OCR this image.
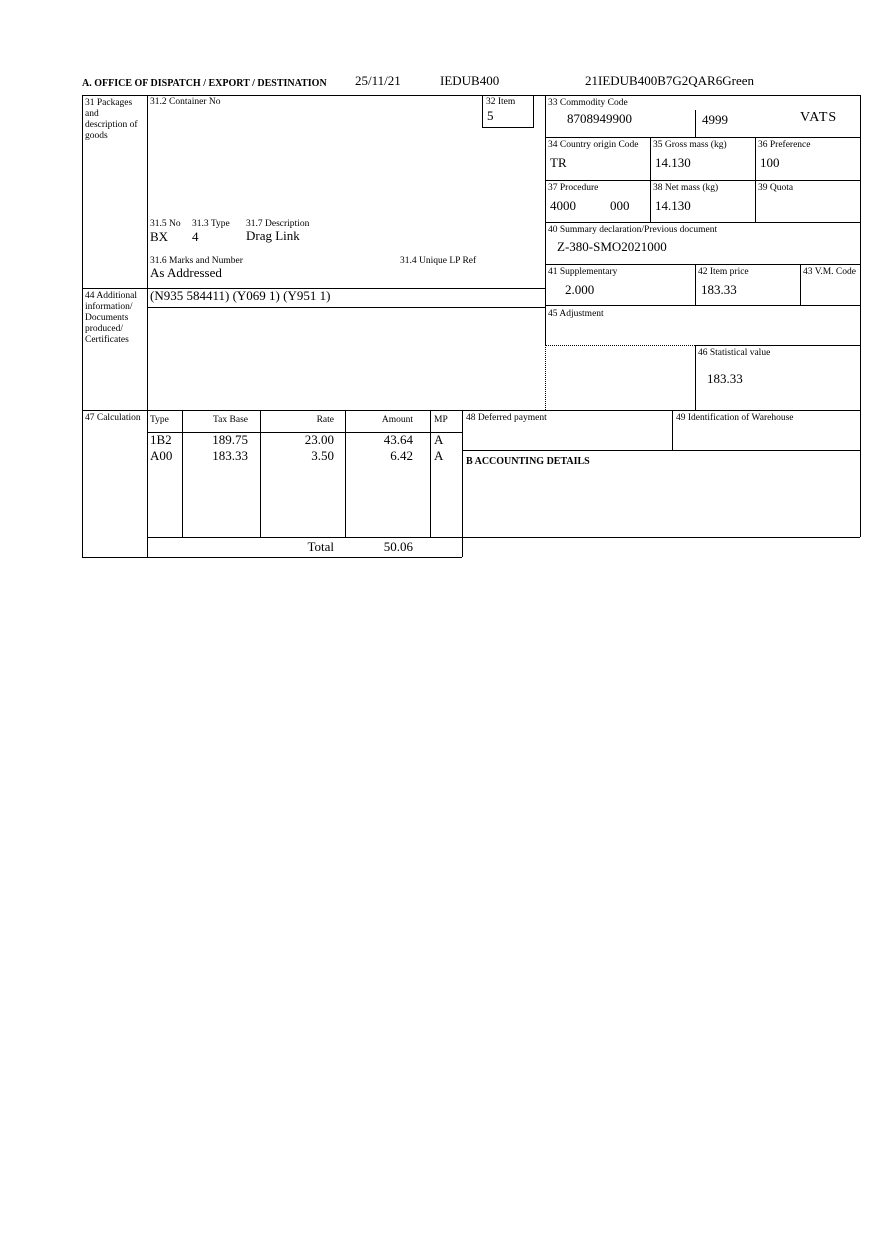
A. OFFICE OF DISPATCH / EXPORT / DESTINATION 25/11/21	IEDUB400	21IEDUB400B7G2QAR6Green
31 Packages and description of goods
31.2 Container No	32 Item
5
33 Commodity Code
8708949900	4999	VATS
34 Country origin Code
TR
35 Gross mass (kg)
14.130
36 Preference
100
37 Procedure
4000	000
38 Net mass (kg)
14.130
39 Quota
40 Summary declaration/Previous document
Z-380-SMO2021000
31.5 No 31.3 Type 31.7 Description
BX 4	Drag Link
31.6 Marks and Number	31.4 Unique LP Ref
As Addressed	41 Supplementary
2.000
42 Item price
183.33
43 V.M. Code
44 Additional information/ Documents produced/ Certificates
(N935 584411) (Y069 1) (Y951 1)
45 Adjustment
46 Statistical value
183.33
47 Calculation Type	Tax Base	Rate	Amount MP
1B2	189.75	23.00	43.64 A
A00	183.33	3.50	6.42 A
Total	50.06
48 Deferred payment	49 Identification of Warehouse
B ACCOUNTING DETAILS
